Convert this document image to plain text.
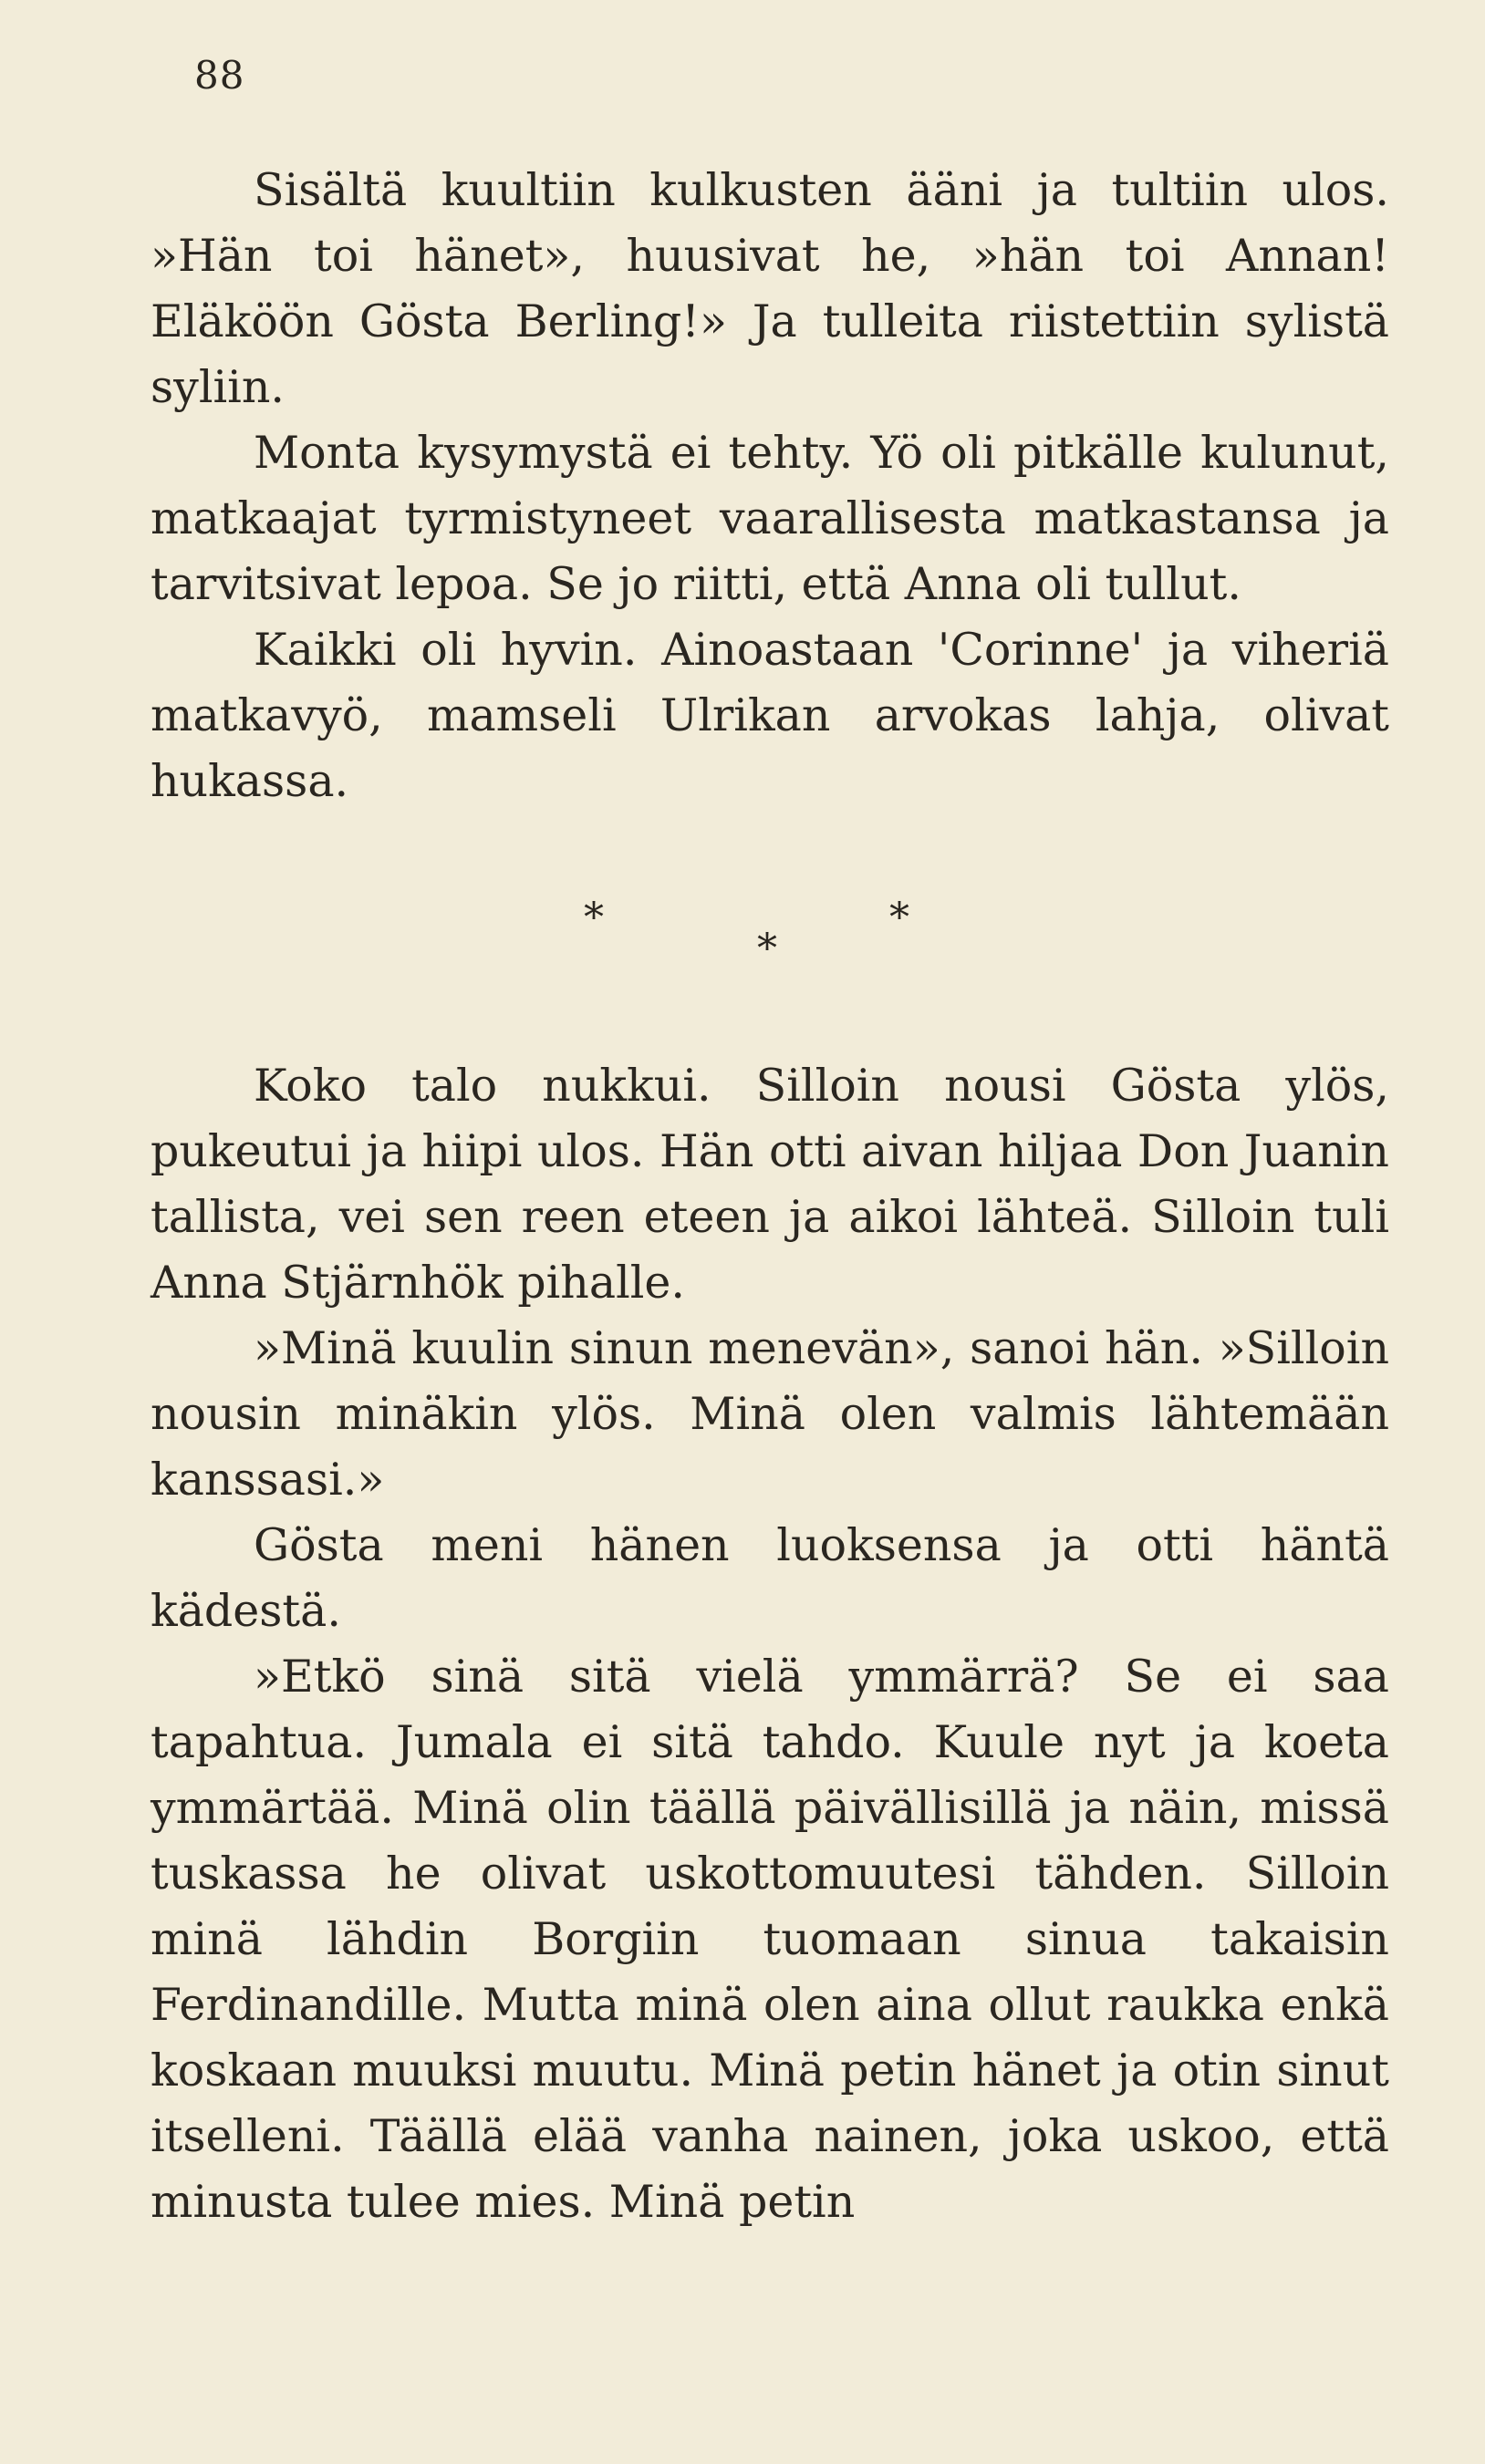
88

Sisältä kuultiin kulkusten ääni ja tultiin ulos. »Hän toi hänet», huusivat he, »hän toi Annan! Eläköön Gösta Berling!» Ja tulleita riistettiin sylistä syliin.

Monta kysymystä ei tehty. Yö oli pitkälle kulunut, matkaajat tyrmistyneet vaarallisesta matkastansa ja tarvitsivat lepoa. Se jo riitti, että Anna oli tullut.

Kaikki oli hyvin. Ainoastaan 'Corinne' ja viheriä matkavyö, mamseli Ulrikan arvokas lahja, olivat hukassa.

*	*
*

Koko talo nukkui. Silloin nousi Gösta ylös, pukeutui ja hiipi ulos. Hän otti aivan hiljaa Don Juanin tallista, vei sen reen eteen ja aikoi lähteä. Silloin tuli Anna Stjärnhök pihalle.

»Minä kuulin sinun menevän», sanoi hän. »Silloin nousin minäkin ylös. Minä olen valmis lähtemään kanssasi.»

Gösta meni hänen luoksensa ja otti häntä kädestä.

»Etkö sinä sitä vielä ymmärrä? Se ei saa tapahtua. Jumala ei sitä tahdo. Kuule nyt ja koeta ymmärtää. Minä olin täällä päivällisillä ja näin, missä tuskassa he olivat uskottomuutesi tähden. Silloin minä lähdin Borgiin tuomaan sinua takaisin Ferdinandille. Mutta minä olen aina ollut raukka enkä koskaan muuksi muutu. Minä petin hänet ja otin sinut itselleni. Täällä elää vanha nainen, joka uskoo, että minusta tulee mies. Minä petin
